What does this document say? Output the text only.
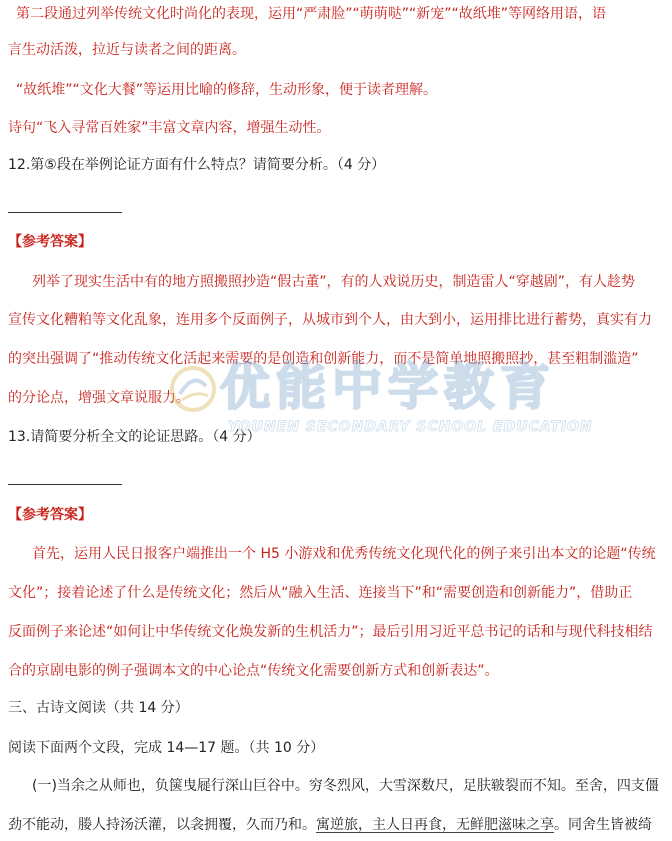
第二段通过列举传统文化时尚化的表现，运用“严肃脸”“萌萌哒”“新宠”“故纸堆”等网络用语，语
言生动活泼，拉近与读者之间的距离。
“故纸堆”“文化大餐”等运用比喻的修辞，生动形象，便于读者理解。
诗句“飞入寻常百姓家”丰富文章内容，增强生动性。
12.第⑤段在举例论证方面有什么特点？请简要分析。（4 分）
【参考答案】
列举了现实生活中有的地方照搬照抄造“假古董”，有的人戏说历史，制造雷人“穿越剧”，有人趁势
宣传文化糟粕等文化乱象，连用多个反面例子，从城市到个人，由大到小，运用排比进行蓄势，真实有力
的突出强调了“推动传统文化活起来需要的是创造和创新能力，而不是简单地照搬照抄，甚至粗制滥造”
的分论点，增强文章说服力。
13.请简要分析全文的论证思路。（4 分）
【参考答案】
首先，运用人民日报客户端推出一个 H5 小游戏和优秀传统文化现代化的例子来引出本文的论题“传统
文化”；接着论述了什么是传统文化；然后从“融入生活、连接当下”和“需要创造和创新能力”，借助正
反面例子来论述“如何让中华传统文化焕发新的生机活力”；最后引用习近平总书记的话和与现代科技相结
合的京剧电影的例子强调本文的中心论点“传统文化需要创新方式和创新表达”。
三、古诗文阅读（共 14 分）
阅读下面两个文段，完成 14—17 题。（共 10 分）
(一)当余之从师也，负箧曳屣行深山巨谷中。穷冬烈风，大雪深数尺，足肤皲裂而不知。至舍，四支僵
劲不能动，媵人持汤沃灌，以衾拥覆，久而乃和。寓逆旅，主人日再食，无鲜肥滋味之享。同舍生皆被绮
优能中学教育
YOUNEN SECONDARY SCHOOL EDUCATION
